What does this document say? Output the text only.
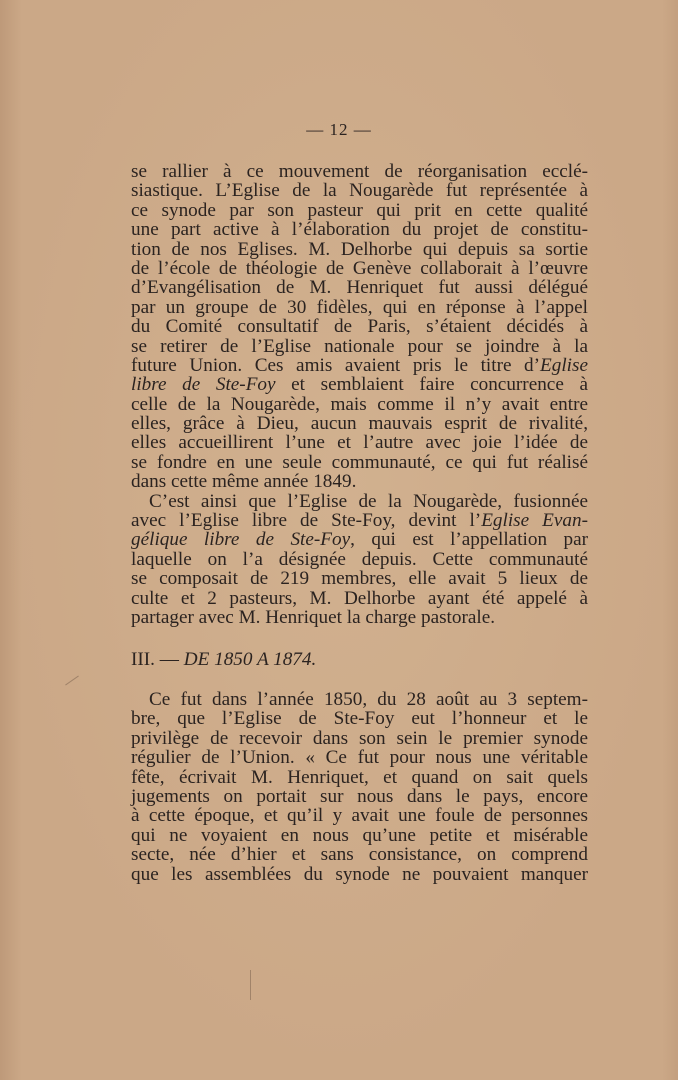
— 12 —
se rallier à ce mouvement de réorganisation ecclé-
siastique. L’Eglise de la Nougarède fut représentée à
ce synode par son pasteur qui prit en cette qualité
une part active à l’élaboration du projet de constitu-
tion de nos Eglises. M. Delhorbe qui depuis sa sortie
de l’école de théologie de Genève collaborait à l’œuvre
d’Evangélisation de M. Henriquet fut aussi délégué
par un groupe de 30 fidèles, qui en réponse à l’appel
du Comité consultatif de Paris, s’étaient décidés à
se retirer de l’Eglise nationale pour se joindre à la
future Union. Ces amis avaient pris le titre d’Eglise
libre de Ste-Foy et semblaient faire concurrence à
celle de la Nougarède, mais comme il n’y avait entre
elles, grâce à Dieu, aucun mauvais esprit de rivalité,
elles accueillirent l’une et l’autre avec joie l’idée de
se fondre en une seule communauté, ce qui fut réalisé
dans cette même année 1849.
C’est ainsi que l’Eglise de la Nougarède, fusionnée
avec l’Eglise libre de Ste-Foy, devint l’Eglise Evan-
gélique libre de Ste-Foy, qui est l’appellation par
laquelle on l’a désignée depuis. Cette communauté
se composait de 219 membres, elle avait 5 lieux de
culte et 2 pasteurs, M. Delhorbe ayant été appelé à
partager avec M. Henriquet la charge pastorale.
III. — DE 1850 A 1874.
Ce fut dans l’année 1850, du 28 août au 3 septem-
bre, que l’Eglise de Ste-Foy eut l’honneur et le
privilège de recevoir dans son sein le premier synode
régulier de l’Union. « Ce fut pour nous une véritable
fête, écrivait M. Henriquet, et quand on sait quels
jugements on portait sur nous dans le pays, encore
à cette époque, et qu’il y avait une foule de personnes
qui ne voyaient en nous qu’une petite et misérable
secte, née d’hier et sans consistance, on comprend
que les assemblées du synode ne pouvaient manquer
